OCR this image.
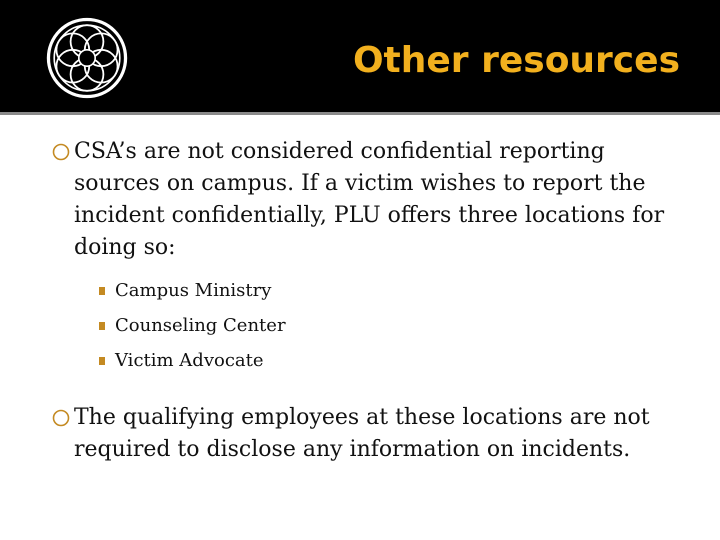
Other resources
CSA’s are not considered confidential reporting sources on campus. If a victim wishes to report the incident confidentially, PLU offers three locations for doing so:
Campus Ministry
Counseling Center
Victim Advocate
The qualifying employees at these locations are not required to disclose any information on incidents.
